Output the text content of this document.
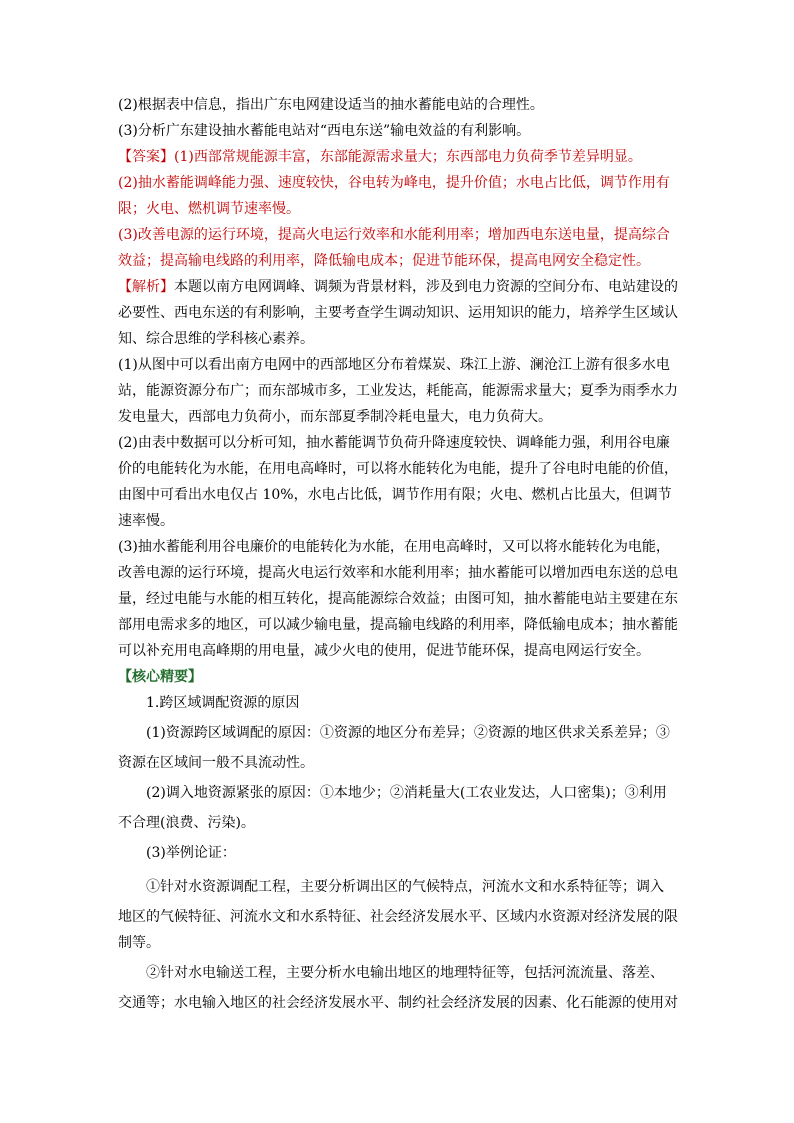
(2)根据表中信息，指出广东电网建设适当的抽水蓄能电站的合理性。
(3)分析广东建设抽水蓄能电站对“西电东送”输电效益的有利影响。
【答案】(1)西部常规能源丰富，东部能源需求量大；东西部电力负荷季节差异明显。
(2)抽水蓄能调峰能力强、速度较快，谷电转为峰电，提升价值；水电占比低，调节作用有
限；火电、燃机调节速率慢。
(3)改善电源的运行环境，提高火电运行效率和水能利用率；增加西电东送电量，提高综合
效益；提高输电线路的利用率，降低输电成本；促进节能环保，提高电网安全稳定性。
【解析】本题以南方电网调峰、调频为背景材料，涉及到电力资源的空间分布、电站建设的
必要性、西电东送的有利影响，主要考查学生调动知识、运用知识的能力，培养学生区域认
知、综合思维的学科核心素养。
(1)从图中可以看出南方电网中的西部地区分布着煤炭、珠江上游、澜沧江上游有很多水电
站，能源资源分布广；而东部城市多，工业发达，耗能高，能源需求量大；夏季为雨季水力
发电量大，西部电力负荷小，而东部夏季制冷耗电量大，电力负荷大。
(2)由表中数据可以分析可知，抽水蓄能调节负荷升降速度较快、调峰能力强，利用谷电廉
价的电能转化为水能，在用电高峰时，可以将水能转化为电能，提升了谷电时电能的价值，
由图中可看出水电仅占 10%，水电占比低，调节作用有限；火电、燃机占比虽大，但调节
速率慢。
(3)抽水蓄能利用谷电廉价的电能转化为水能，在用电高峰时，又可以将水能转化为电能，
改善电源的运行环境，提高火电运行效率和水能利用率；抽水蓄能可以增加西电东送的总电
量，经过电能与水能的相互转化，提高能源综合效益；由图可知，抽水蓄能电站主要建在东
部用电需求多的地区，可以减少输电量，提高输电线路的利用率，降低输电成本；抽水蓄能
可以补充用电高峰期的用电量，减少火电的使用，促进节能环保，提高电网运行安全。
【核心精要】
1.跨区域调配资源的原因
(1)资源跨区域调配的原因：①资源的地区分布差异；②资源的地区供求关系差异；③
资源在区域间一般不具流动性。
(2)调入地资源紧张的原因：①本地少；②消耗量大(工农业发达，人口密集)；③利用
不合理(浪费、污染)。
(3)举例论证：
①针对水资源调配工程，主要分析调出区的气候特点，河流水文和水系特征等；调入
地区的气候特征、河流水文和水系特征、社会经济发展水平、区域内水资源对经济发展的限
制等。
②针对水电输送工程，主要分析水电输出地区的地理特征等，包括河流流量、落差、
交通等；水电输入地区的社会经济发展水平、制约社会经济发展的因素、化石能源的使用对
